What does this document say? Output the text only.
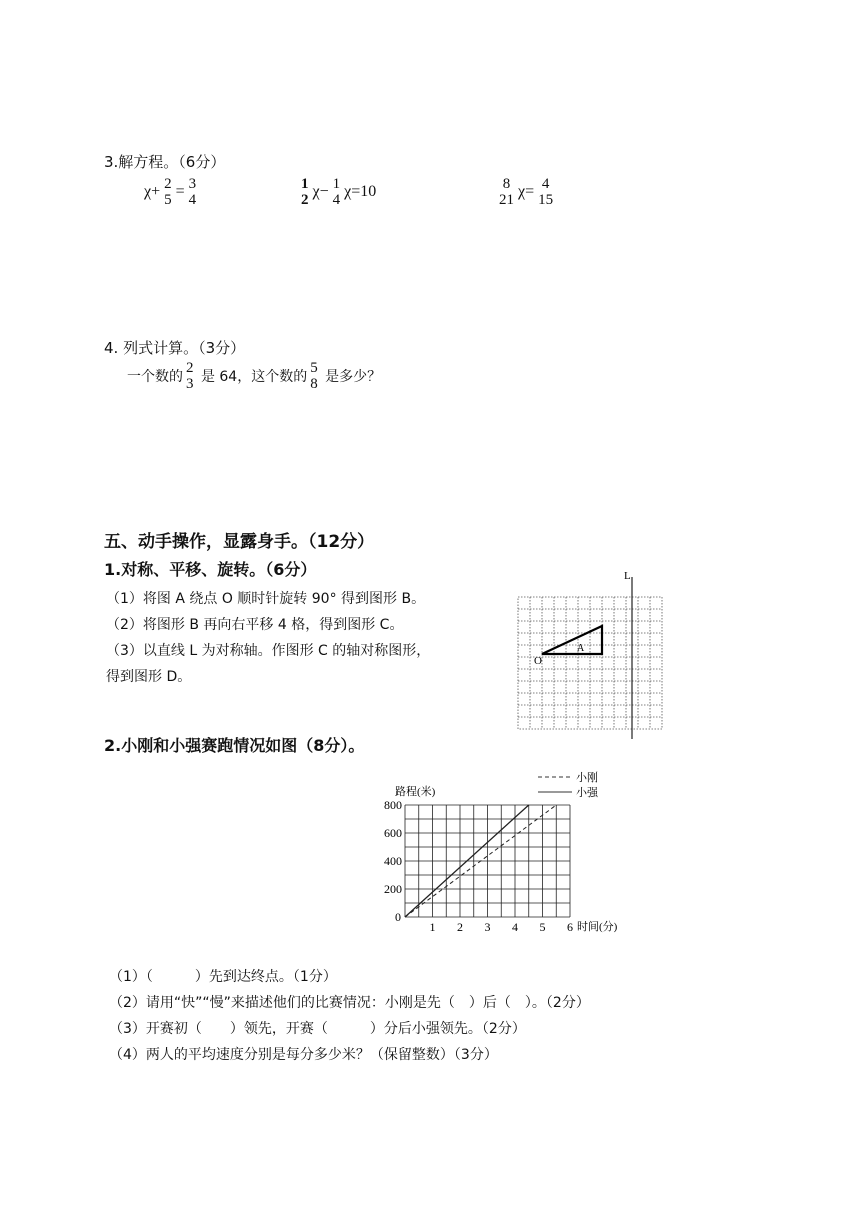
3.解方程。（6分）
χ+ 2
5 = 3
4
1
2 χ− 1
4 χ=10	8
21 χ= 4
15
4. 列式计算。（3分）
一个数的
2
3 是 64，这个数的
5
8 是多少？
五、动手操作，显露身手。（12分）
1.对称、平移、旋转。（6分）
（1）将图 A 绕点 O 顺时针旋转 90° 得到图形 B。
（2）将图形 B 再向右平移 4 格，得到图形 C。
（3）以直线 L 为对称轴。作图形 C 的轴对称图形，
得到图形 D。
L
A
O
2.小刚和小强赛跑情况如图（8分）。
1 2 3 4 5 6
200
400
600
800
0
路程(米)
时间(分)
小刚
小强
（1）（　　　）先到达终点。（1分）
（2）请用“快”“慢”来描述他们的比赛情况：小刚是先（　）后（　）。（2分）
（3）开赛初（　　）领先，开赛（　　　）分后小强领先。（2分）
（4）两人的平均速度分别是每分多少米？（保留整数）（3分）
